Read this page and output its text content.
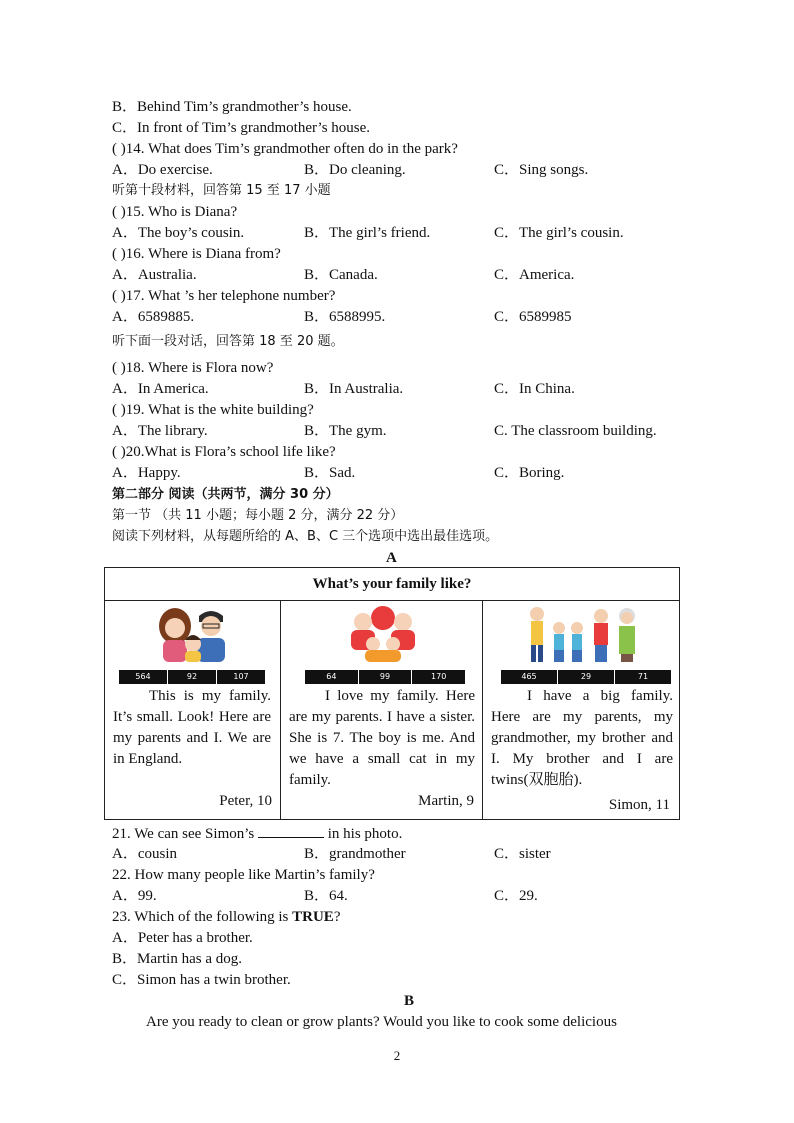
B．Behind Tim’s grandmother’s house.
C．In front of Tim’s grandmother’s house.
( )14. What does Tim’s grandmother often do in the park?
A．Do exercise.	B．Do cleaning.	C．Sing songs.
听第十段材料，回答第 15 至 17 小题
( )15. Who is Diana?
A．The boy’s cousin.	B．The girl’s friend.	C．The girl’s cousin.
( )16. Where is Diana from?
A．Australia.	B．Canada.	C．America.
( )17. What ’s her telephone number?
A．6589885.	B．6588995.	C．6589985
听下面一段对话，回答第 18 至 20 题。
( )18. Where is Flora now?
A．In America.	B．In Australia.	C．In China.
( )19. What is the white building?
A．The library.	B．The gym.	C. The classroom building.
( )20.What is Flora’s school life like?
A．Happy.	B．Sad.	C．Boring.
第二部分 阅读（共两节，满分 30 分）
第一节 （共 11 小题；每小题 2 分，满分 22 分）
阅读下列材料，从每题所给的 A、B、C 三个选项中选出最佳选项。
A
What’s your family like?
564	92	107
This is my family. It’s small. Look! Here are my parents and I. We are in England.
Peter, 10
64	99	170
I love my family. Here are my parents. I have a sister. She is 7. The boy is me. And we have a small cat in my family.
Martin, 9
465	29	71
I have a big family. Here are my parents, my grandmother, my brother and I. My brother and I are twins(双胞胎).
Simon, 11
21. We can see Simon’s	in his photo.
A．cousin	B．grandmother	C．sister
22. How many people like Martin’s family?
A．99.	B．64.	C．29.
23. Which of the following is TRUE?
A．Peter has a brother.
B．Martin has a dog.
C．Simon has a twin brother.
B
Are you ready to clean or grow plants? Would you like to cook some delicious
2
